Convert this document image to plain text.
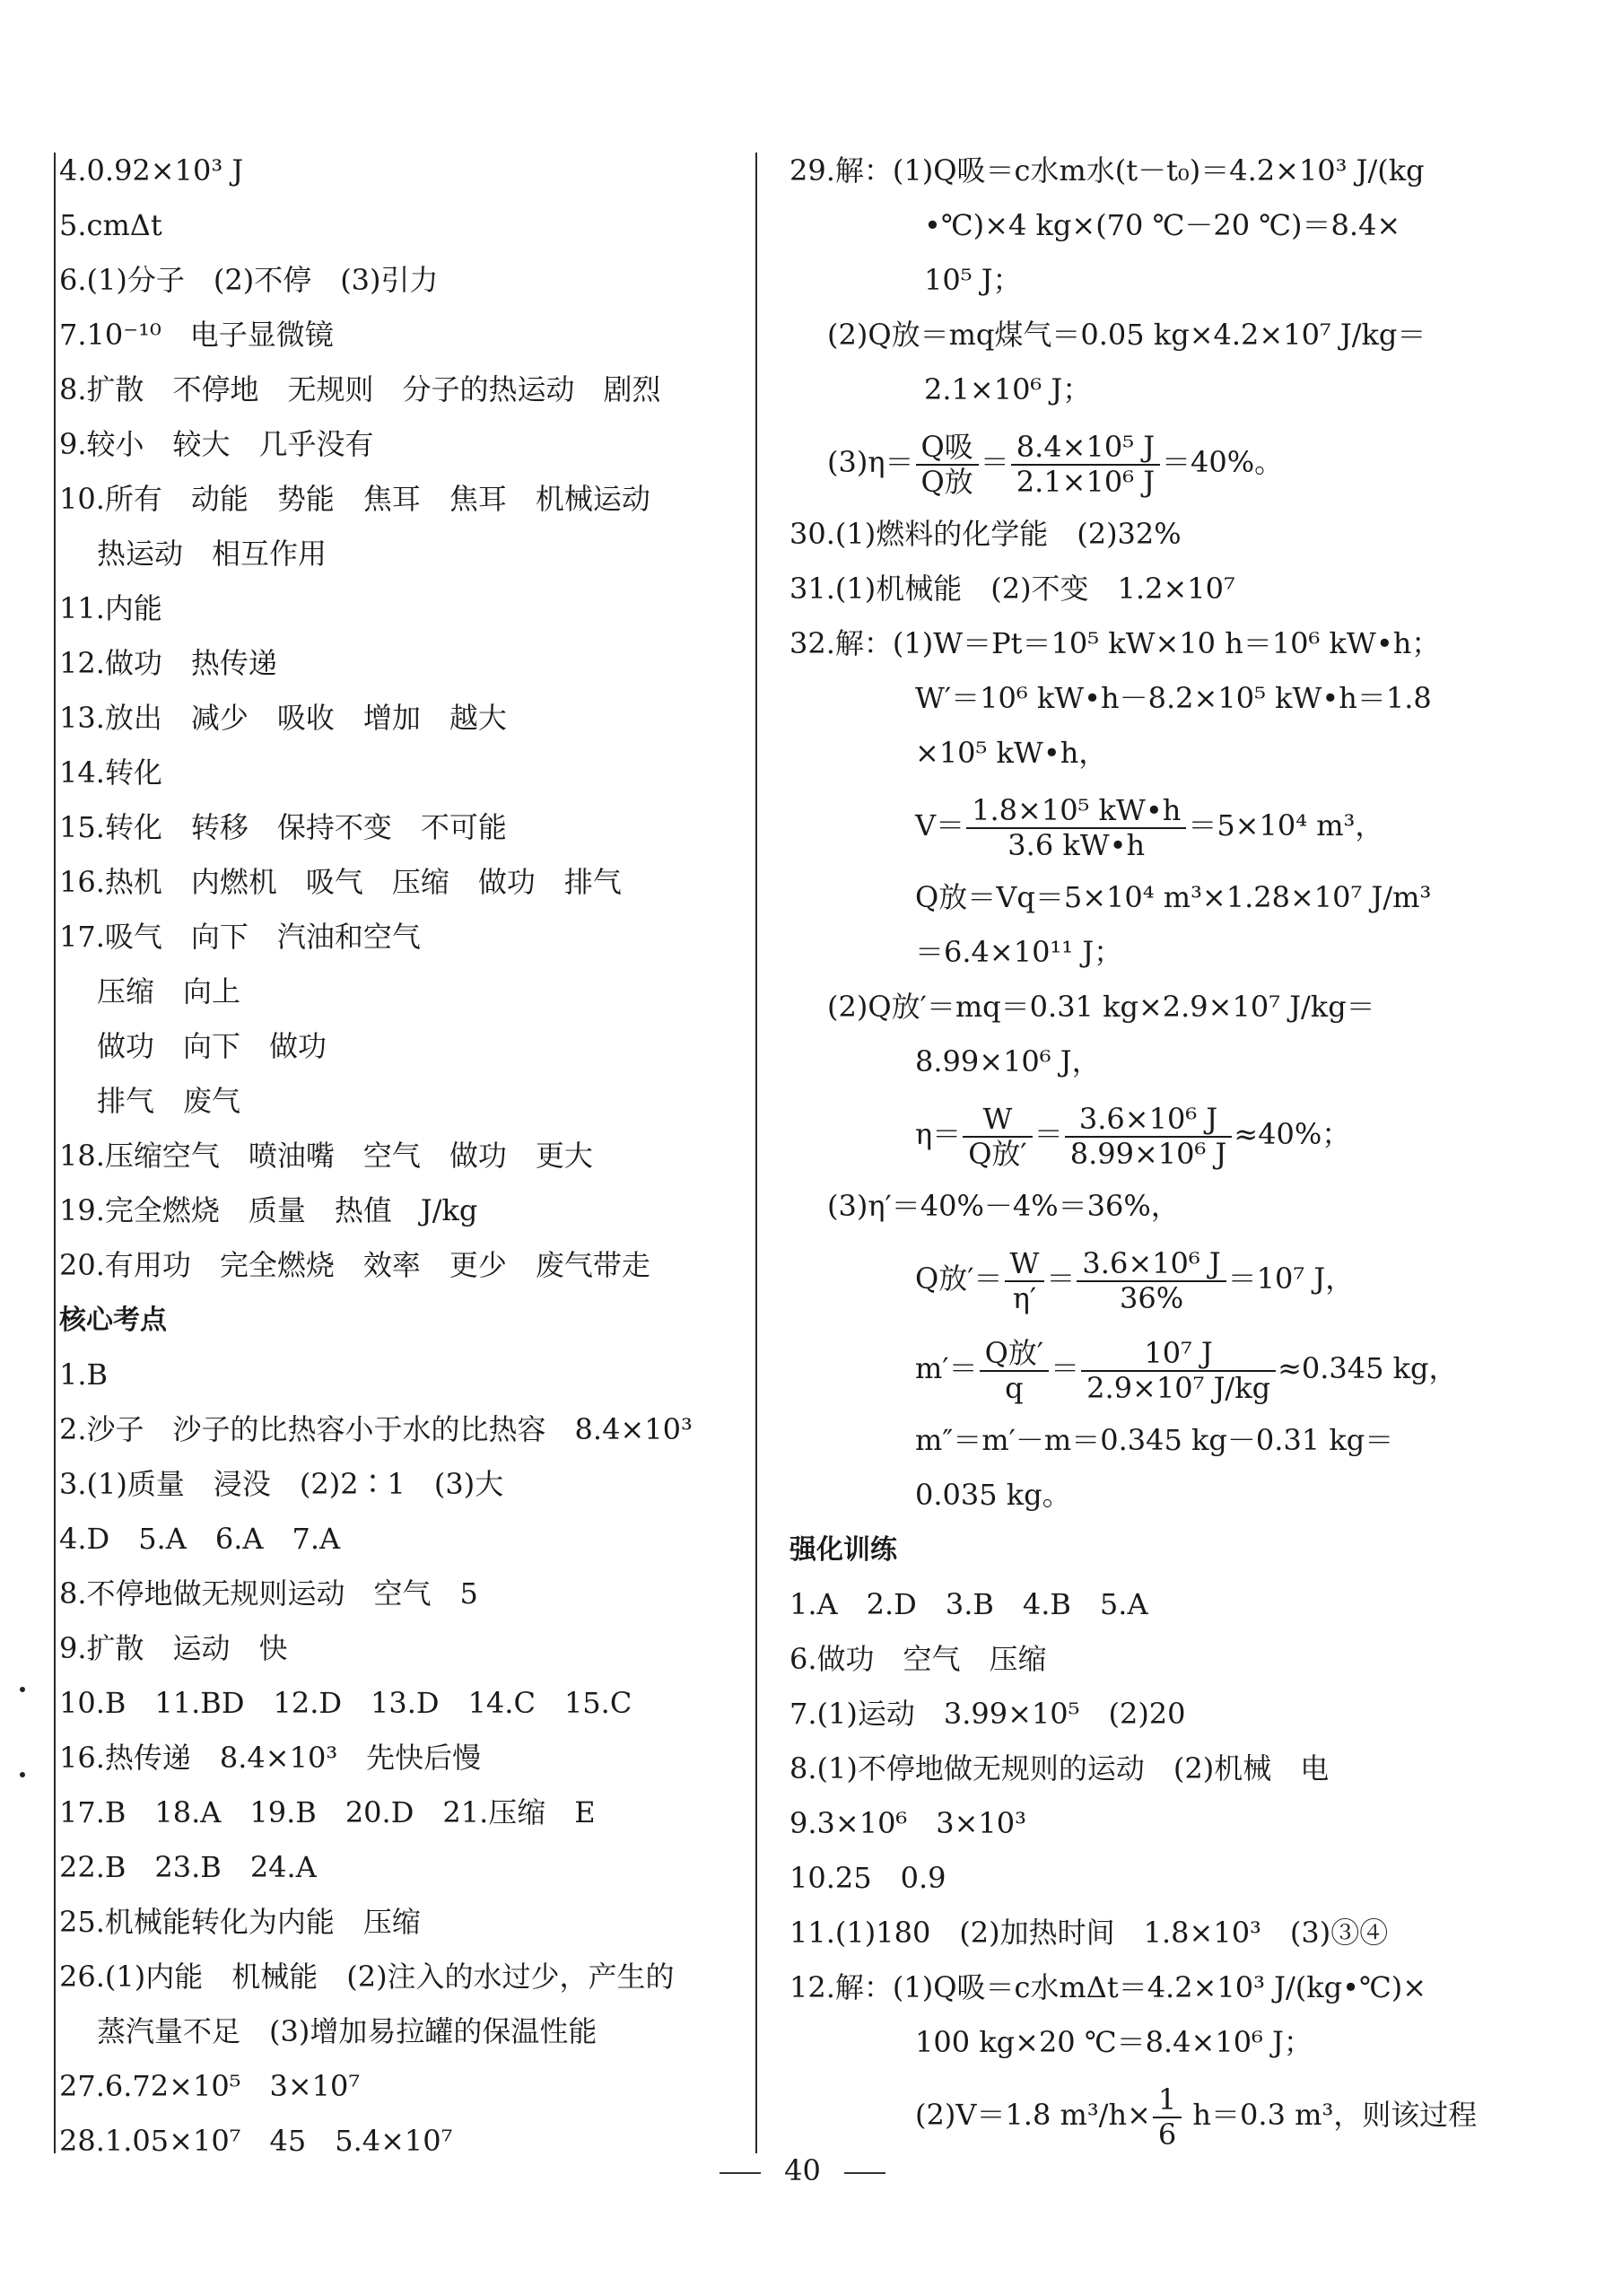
4.0.92×10³ J
5.cmΔt
6.(1)分子　(2)不停　(3)引力
7.10⁻¹⁰　电子显微镜
8.扩散　不停地　无规则　分子的热运动　剧烈
9.较小　较大　几乎没有
10.所有　动能　势能　焦耳　焦耳　机械运动
热运动　相互作用
11.内能
12.做功　热传递
13.放出　减少　吸收　增加　越大
14.转化
15.转化　转移　保持不变　不可能
16.热机　内燃机　吸气　压缩　做功　排气
17.吸气　向下　汽油和空气
压缩　向上
做功　向下　做功
排气　废气
18.压缩空气　喷油嘴　空气　做功　更大
19.完全燃烧　质量　热值　J/kg
20.有用功　完全燃烧　效率　更少　废气带走
核心考点
1.B
2.沙子　沙子的比热容小于水的比热容　8.4×10³
3.(1)质量　浸没　(2)2∶1　(3)大
4.D　5.A　6.A　7.A
8.不停地做无规则运动　空气　5
9.扩散　运动　快
10.B　11.BD　12.D　13.D　14.C　15.C
16.热传递　8.4×10³　先快后慢
17.B　18.A　19.B　20.D　21.压缩　E
22.B　23.B　24.A
25.机械能转化为内能　压缩
26.(1)内能　机械能　(2)注入的水过少，产生的
蒸汽量不足　(3)增加易拉罐的保温性能
27.6.72×10⁵　3×10⁷
28.1.05×10⁷　45　5.4×10⁷
29.解：(1)Q吸＝c水m水(t－t₀)＝4.2×10³ J/(kg
•℃)×4 kg×(70 ℃－20 ℃)＝8.4×
10⁵ J；
(2)Q放＝mq煤气＝0.05 kg×4.2×10⁷ J/kg＝
2.1×10⁶ J；
$(3)\eta= \frac{\text{Q吸}}{\text{Q放}} = \frac{\text{8.4×10⁵ J}}{\text{2.1×10⁶ J}} =40\%$。
30.(1)燃料的化学能　(2)32%
31.(1)机械能　(2)不变　1.2×10⁷
32.解：(1)W＝Pt＝10⁵ kW×10 h＝10⁶ kW•h；
W′＝10⁶ kW•h－8.2×10⁵ kW•h＝1.8
×10⁵ kW•h，
$V= \frac{\text{1.8×10⁵ kW•h}}{3.6 kW•h} =5\times 10^4$ m³，
Q放＝Vq＝5×10⁴ m³×1.28×10⁷ J/m³
＝6.4×10¹¹ J；
(2)Q放′＝mq＝0.31 kg×2.9×10⁷ J/kg＝
8.99×10⁶ J，
$\eta= \frac{W}{\text{Q放′}} = \frac{\text{3.6×10⁶ J}}{\text{8.99×10⁶ J}} \approx 40\%$；
(3)η′＝40%－4%＝36%，
Q放′＝ $\frac{W}{\eta'} = \frac{\text{3.6×10⁶ J}}{36\%} =10^7$ J，
$m'= \frac{\text{Q放′}}{q} = \frac{\text{10⁷ J}}{\text{2.9×10⁷ J/kg}} \approx 0.345$ kg，
m″＝m′－m＝0.345 kg－0.31 kg＝
0.035 kg。
强化训练
1.A　2.D　3.B　4.B　5.A
6.做功　空气　压缩
7.(1)运动　3.99×10⁵　(2)20
8.(1)不停地做无规则的运动　(2)机械　电
9.3×10⁶　3×10³
10.25　0.9
11.(1)180　(2)加热时间　1.8×10³　(3)③④
12.解：(1)Q吸＝c水mΔt＝4.2×10³ J/(kg•℃)×
100 kg×20 ℃＝8.4×10⁶ J；
(2)V＝1.8 $m^3/h\times \frac{1}{6} h=0.3$ m³，则该过程
40
